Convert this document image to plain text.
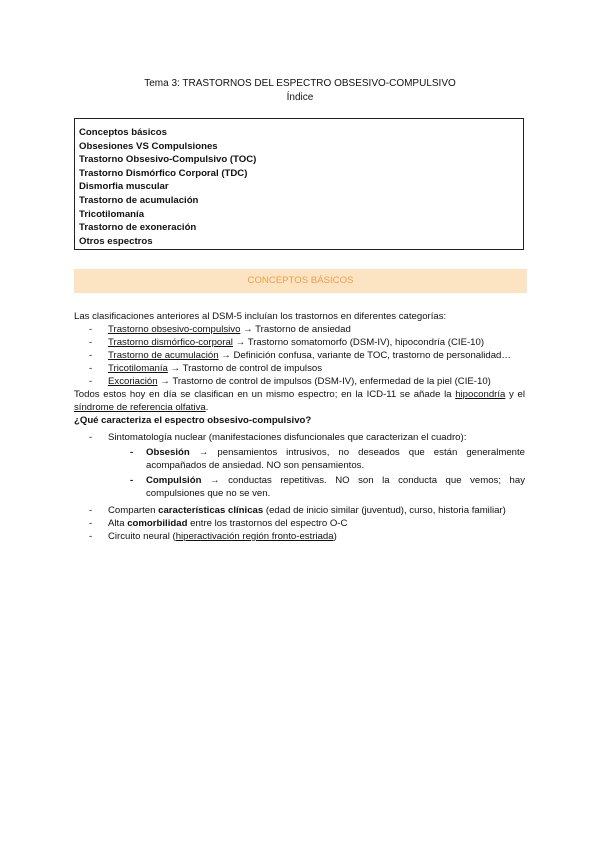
Tema 3: TRASTORNOS DEL ESPECTRO OBSESIVO-COMPULSIVO
Índice
Conceptos básicos
Obsesiones VS Compulsiones
Trastorno Obsesivo-Compulsivo (TOC)
Trastorno Dismórfico Corporal (TDC)
Dismorfia muscular
Trastorno de acumulación
Tricotilomanía
Trastorno de exoneración
Otros espectros
CONCEPTOS BÁSICOS

Las clasificaciones anteriores al DSM-5 incluían los trastornos en diferentes categorías:

- Trastorno obsesivo-compulsivo → Trastorno de ansiedad
- Trastorno dismórfico-corporal → Trastorno somatomorfo (DSM-IV), hipocondría (CIE-10)
- Trastorno de acumulación → Definición confusa, variante de TOC, trastorno de personalidad…
- Tricotilomanía → Trastorno de control de impulsos
- Excoriación → Trastorno de control de impulsos (DSM-IV), enfermedad de la piel (CIE-10)

Todos estos hoy en día se clasifican en un mismo espectro; en la ICD-11 se añade la hipocondría y el síndrome de referencia olfativa.

¿Qué caracteriza el espectro obsesivo-compulsivo?

- Sintomatología nuclear (manifestaciones disfuncionales que caracterizan el cuadro):
- Obsesión → pensamientos intrusivos, no deseados que están generalmente acompañados de ansiedad. NO son pensamientos.
- Compulsión → conductas repetitivas. NO son la conducta que vemos; hay compulsiones que no se ven.
- Comparten características clínicas (edad de inicio similar (juventud), curso, historia familiar)
- Alta comorbilidad entre los trastornos del espectro O-C
- Circuito neural (hiperactivación región fronto-estriada)
